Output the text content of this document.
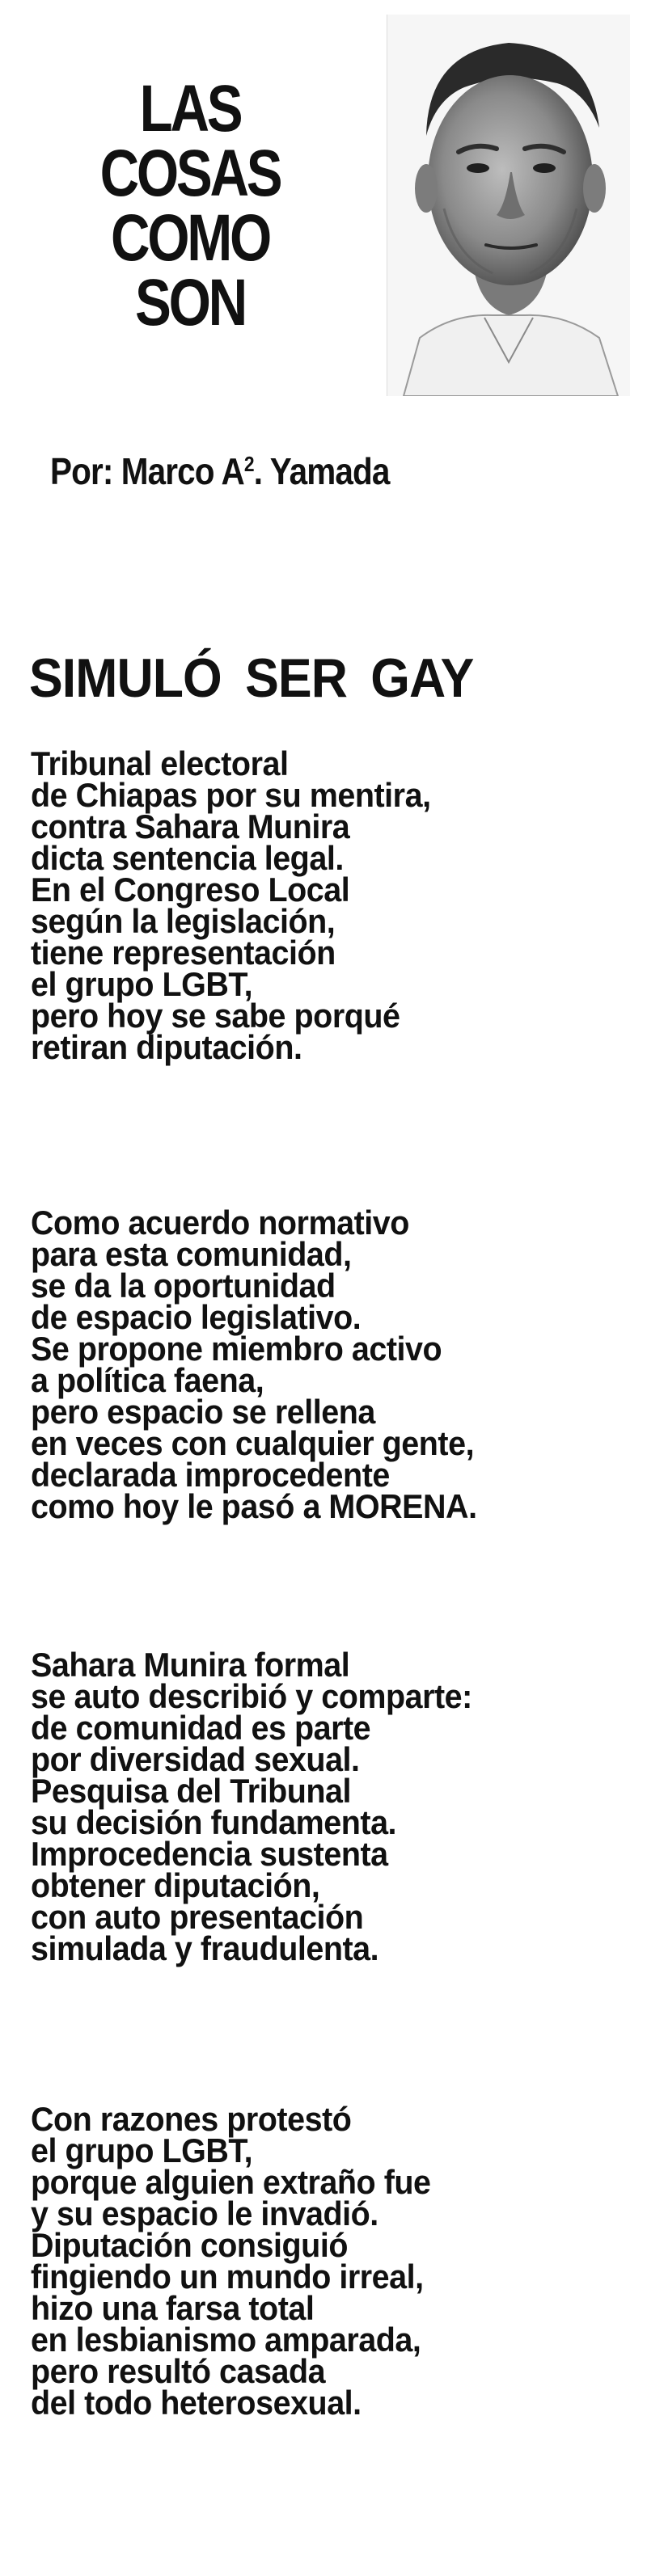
LAS
COSAS
COMO
SON
Por: Marco $A^2$. Yamada
SIMULÓ SER GAY
Tribunal electoral
de Chiapas por su mentira,
contra Sahara Munira
dicta sentencia legal.
En el Congreso Local
según la legislación,
tiene representación
el grupo LGBT,
pero hoy se sabe porqué
retiran diputación.
Como acuerdo normativo
para esta comunidad,
se da la oportunidad
de espacio legislativo.
Se propone miembro activo
a política faena,
pero espacio se rellena
en veces con cualquier gente,
declarada improcedente
como hoy le pasó a MORENA.
Sahara Munira formal
se auto describió y comparte:
de comunidad es parte
por diversidad sexual.
Pesquisa del Tribunal
su decisión fundamenta.
Improcedencia sustenta
obtener diputación,
con auto presentación
simulada y fraudulenta.
Con razones protestó
el grupo LGBT,
porque alguien extraño fue
y su espacio le invadió.
Diputación consiguió
fingiendo un mundo irreal,
hizo una farsa total
en lesbianismo amparada,
pero resultó casada
del todo heterosexual.
